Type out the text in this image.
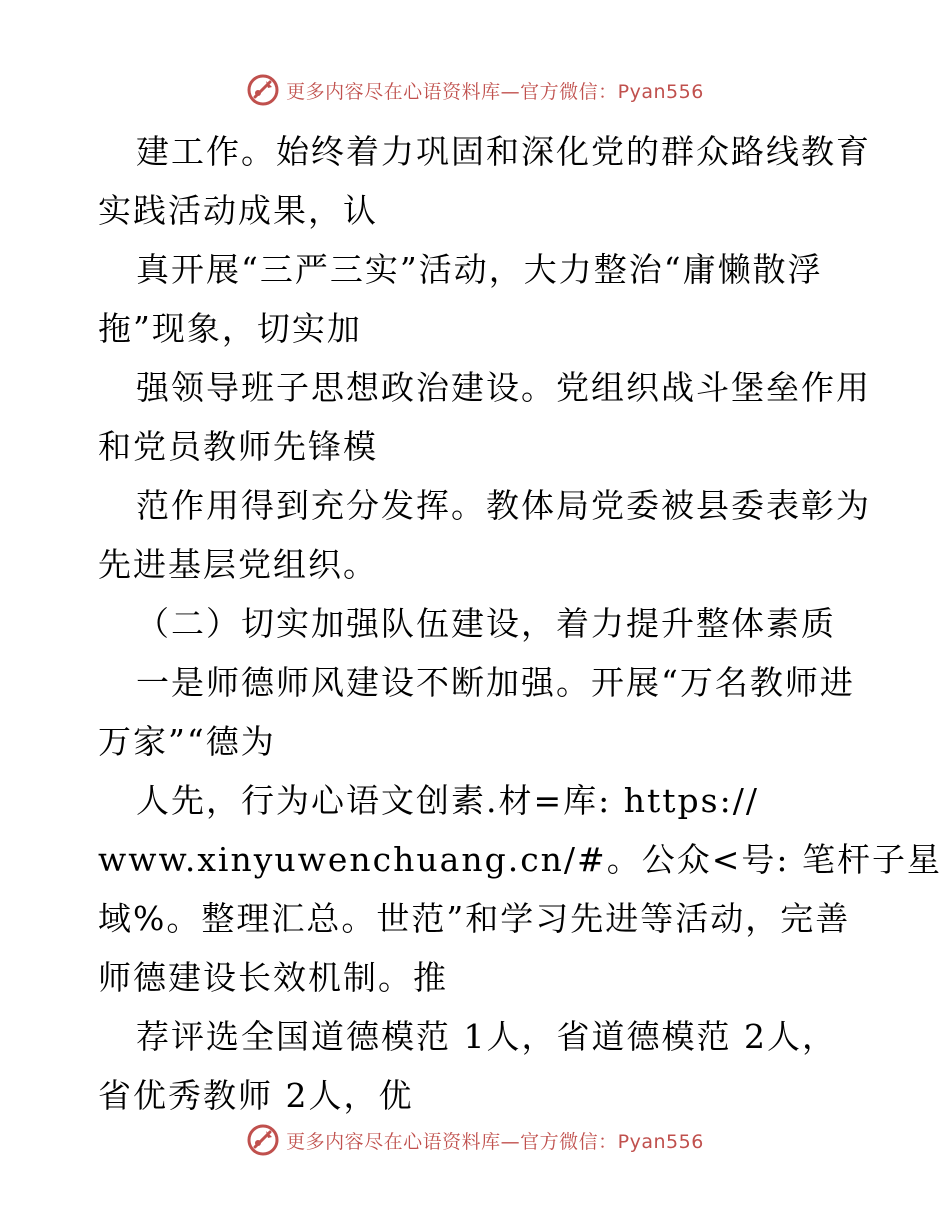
更多内容尽在心语资料库—官方微信：Pyan556
建工作。始终着力巩固和深化党的群众路线教育
实践活动成果，认
真开展“三严三实”活动，大力整治“庸懒散浮
拖”现象，切实加
强领导班子思想政治建设。党组织战斗堡垒作用
和党员教师先锋模
范作用得到充分发挥。教体局党委被县委表彰为
先进基层党组织。
（二）切实加强队伍建设，着力提升整体素质
一是师德师风建设不断加强。开展“万名教师进
万家”“德为
人先，行为心语文创素.材=库: https://
www.xinyuwenchuang.cn/#。公众<号: 笔杆子星
域%。整理汇总。世范”和学习先进等活动，完善
师德建设长效机制。推
荐评选全国道德模范 1人，省道德模范 2人，
省优秀教师 2人，优
更多内容尽在心语资料库—官方微信：Pyan556
